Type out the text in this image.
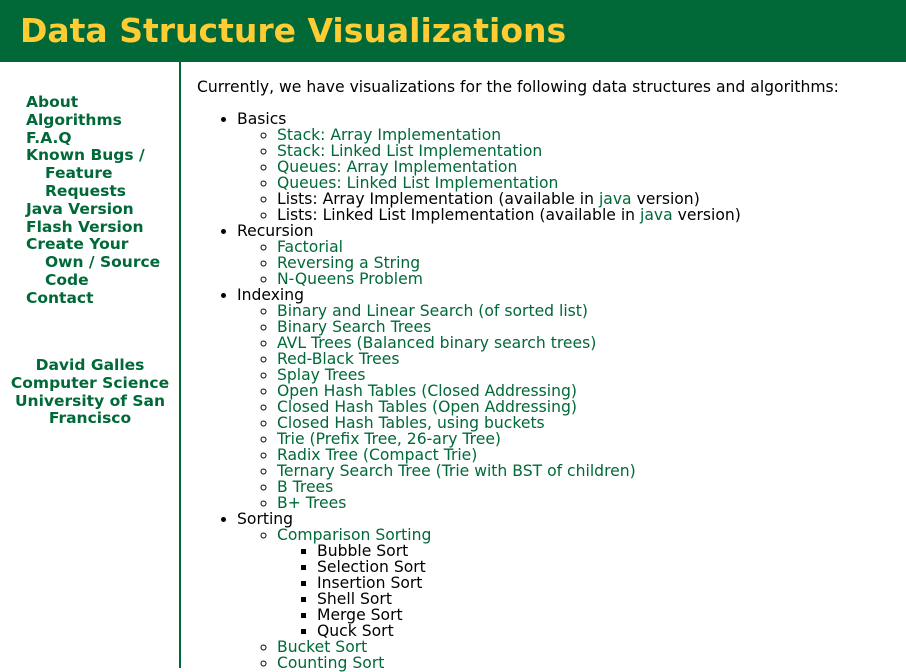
Data Structure Visualizations
About
Algorithms
F.A.Q
Known Bugs / Feature Requests
Java Version
Flash Version
Create Your Own / Source Code
Contact
David Galles
Computer Science
University of San Francisco

Currently, we have visualizations for the following data structures and algorithms:

• Basics
◦ Stack: Array Implementation
◦ Stack: Linked List Implementation
◦ Queues: Array Implementation
◦ Queues: Linked List Implementation
◦ Lists: Array Implementation (available in java version)
◦ Lists: Linked List Implementation (available in java version)
• Recursion
◦ Factorial
◦ Reversing a String
◦ N-Queens Problem
• Indexing
◦ Binary and Linear Search (of sorted list)
◦ Binary Search Trees
◦ AVL Trees (Balanced binary search trees)
◦ Red-Black Trees
◦ Splay Trees
◦ Open Hash Tables (Closed Addressing)
◦ Closed Hash Tables (Open Addressing)
◦ Closed Hash Tables, using buckets
◦ Trie (Prefix Tree, 26-ary Tree)
◦ Radix Tree (Compact Trie)
◦ Ternary Search Tree (Trie with BST of children)
◦ B Trees
◦ B+ Trees
• Sorting
◦ Comparison Sorting
▪ Bubble Sort
▪ Selection Sort
▪ Insertion Sort
▪ Shell Sort
▪ Merge Sort
▪ Quck Sort
◦ Bucket Sort
◦ Counting Sort
